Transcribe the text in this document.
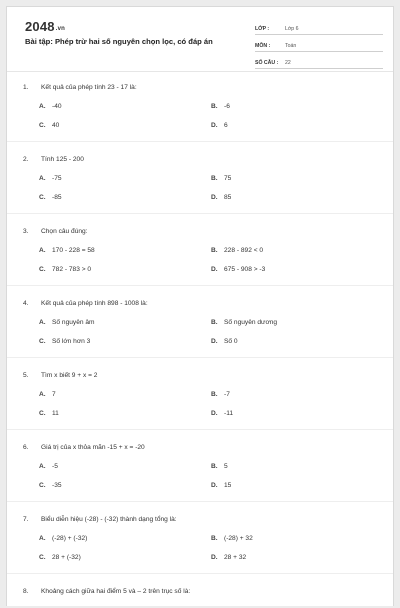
2048.vn
Bài tập: Phép trừ hai số nguyên chọn lọc, có đáp án
LỚP :	Lớp 6
MÔN :	Toán
SỐ CÂU :	22
1.	Kết quả của phép tính 23 - 17 là:
A. -40	B. -6
C. 40	D. 6
2.	Tính 125 - 200
A. -75	B. 75
C. -85	D. 85
3.	Chọn câu đúng:
A. 170 - 228 = 58	B. 228 - 892 < 0
C. 782 - 783 > 0	D. 675 - 908 > -3
4.	Kết quả của phép tính 898 - 1008 là:
A. Số nguyên âm	B. Số nguyên dương
C. Số lớn hơn 3	D. Số 0
5.	Tìm x biết 9 + x = 2
A. 7	B. -7
C. 11	D. -11
6.	Giá trị của x thỏa mãn -15 + x = -20
A. -5	B. 5
C. -35	D. 15
7.	Biểu diễn hiệu (-28) - (-32) thành dạng tổng là:
A. (-28) + (-32)	B. (-28) + 32
C. 28 + (-32)	D. 28 + 32
8.	Khoảng cách giữa hai điểm 5 và – 2 trên trục số là:
